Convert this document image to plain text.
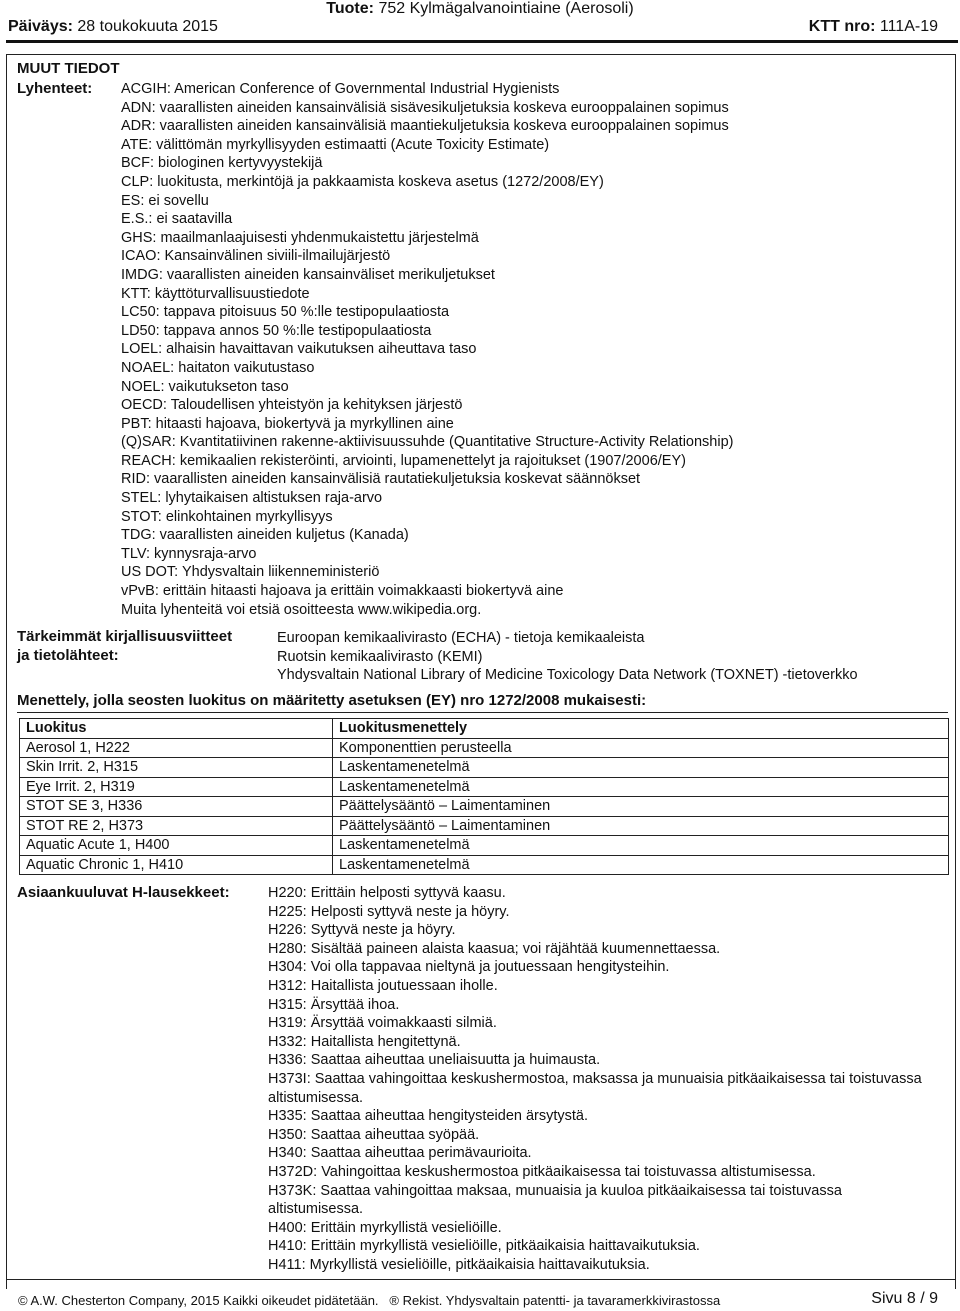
Tuote: 752 Kylmägalvanointiaine (Aerosoli)
Päiväys: 28 toukokuuta 2015	KTT nro: 111A-19
MUUT TIEDOT
Lyhenteet: ACGIH: American Conference of Governmental Industrial Hygienists
ADN: vaarallisten aineiden kansainvälisiä sisävesikuljetuksia koskeva eurooppalainen sopimus
ADR: vaarallisten aineiden kansainvälisiä maantiekuljetuksia koskeva eurooppalainen sopimus
ATE: välittömän myrkyllisyyden estimaatti (Acute Toxicity Estimate)
BCF: biologinen kertyvyystekijä
CLP: luokitusta, merkintöjä ja pakkaamista koskeva asetus (1272/2008/EY)
ES: ei sovellu
E.S.: ei saatavilla
GHS: maailmanlaajuisesti yhdenmukaistettu järjestelmä
ICAO: Kansainvälinen siviili-ilmailujärjestö
IMDG: vaarallisten aineiden kansainväliset merikuljetukset
KTT: käyttöturvallisuustiedote
LC50: tappava pitoisuus 50 %:lle testipopulaatiosta
LD50: tappava annos 50 %:lle testipopulaatiosta
LOEL: alhaisin havaittavan vaikutuksen aiheuttava taso
NOAEL: haitaton vaikutustaso
NOEL: vaikutukseton taso
OECD: Taloudellisen yhteistyön ja kehityksen järjestö
PBT: hitaasti hajoava, biokertyvä ja myrkyllinen aine
(Q)SAR: Kvantitatiivinen rakenne-aktiivisuussuhde (Quantitative Structure-Activity Relationship)
REACH: kemikaalien rekisteröinti, arviointi, lupamenettelyt ja rajoitukset (1907/2006/EY)
RID: vaarallisten aineiden kansainvälisiä rautatiekuljetuksia koskevat säännökset
STEL: lyhytaikaisen altistuksen raja-arvo
STOT: elinkohtainen myrkyllisyys
TDG: vaarallisten aineiden kuljetus (Kanada)
TLV: kynnysraja-arvo
US DOT: Yhdysvaltain liikenneministeriö
vPvB: erittäin hitaasti hajoava ja erittäin voimakkaasti biokertyvä aine
Muita lyhenteitä voi etsiä osoitteesta www.wikipedia.org.
Tärkeimmät kirjallisuusviitteet
ja tietolähteet:
Euroopan kemikaalivirasto (ECHA) - tietoja kemikaaleista
Ruotsin kemikaalivirasto (KEMI)
Yhdysvaltain National Library of Medicine Toxicology Data Network (TOXNET) -tietoverkko
Menettely, jolla seosten luokitus on määritetty asetuksen (EY) nro 1272/2008 mukaisesti:
Luokitus	Luokitusmenettely
Aerosol 1, H222	Komponenttien perusteella
Skin Irrit. 2, H315	Laskentamenetelmä
Eye Irrit. 2, H319	Laskentamenetelmä
STOT SE 3, H336	Päättelysääntö – Laimentaminen
STOT RE 2, H373	Päättelysääntö – Laimentaminen
Aquatic Acute 1, H400	Laskentamenetelmä
Aquatic Chronic 1, H410	Laskentamenetelmä
Asiaankuuluvat H-lausekkeet:	H220: Erittäin helposti syttyvä kaasu.
H225: Helposti syttyvä neste ja höyry.
H226: Syttyvä neste ja höyry.
H280: Sisältää paineen alaista kaasua; voi räjähtää kuumennettaessa.
H304: Voi olla tappavaa nieltynä ja joutuessaan hengitysteihin.
H312: Haitallista joutuessaan iholle.
H315: Ärsyttää ihoa.
H319: Ärsyttää voimakkaasti silmiä.
H332: Haitallista hengitettynä.
H336: Saattaa aiheuttaa uneliaisuutta ja huimausta.
H373I: Saattaa vahingoittaa keskushermostoa, maksassa ja munuaisia pitkäaikaisessa tai toistuvassa altistumisessa.
H335: Saattaa aiheuttaa hengitysteiden ärsytystä.
H350: Saattaa aiheuttaa syöpää.
H340: Saattaa aiheuttaa perimävaurioita.
H372D: Vahingoittaa keskushermostoa pitkäaikaisessa tai toistuvassa altistumisessa.
H373K: Saattaa vahingoittaa maksaa, munuaisia ja kuuloa pitkäaikaisessa tai toistuvassa altistumisessa.
H400: Erittäin myrkyllistä vesieliöille.
H410: Erittäin myrkyllistä vesieliöille, pitkäaikaisia haittavaikutuksia.
H411: Myrkyllistä vesieliöille, pitkäaikaisia haittavaikutuksia.
© A.W. Chesterton Company, 2015 Kaikki oikeudet pidätetään. ® Rekist. Yhdysvaltain patentti- ja tavaramerkkivirastossa	Sivu 8 / 9
